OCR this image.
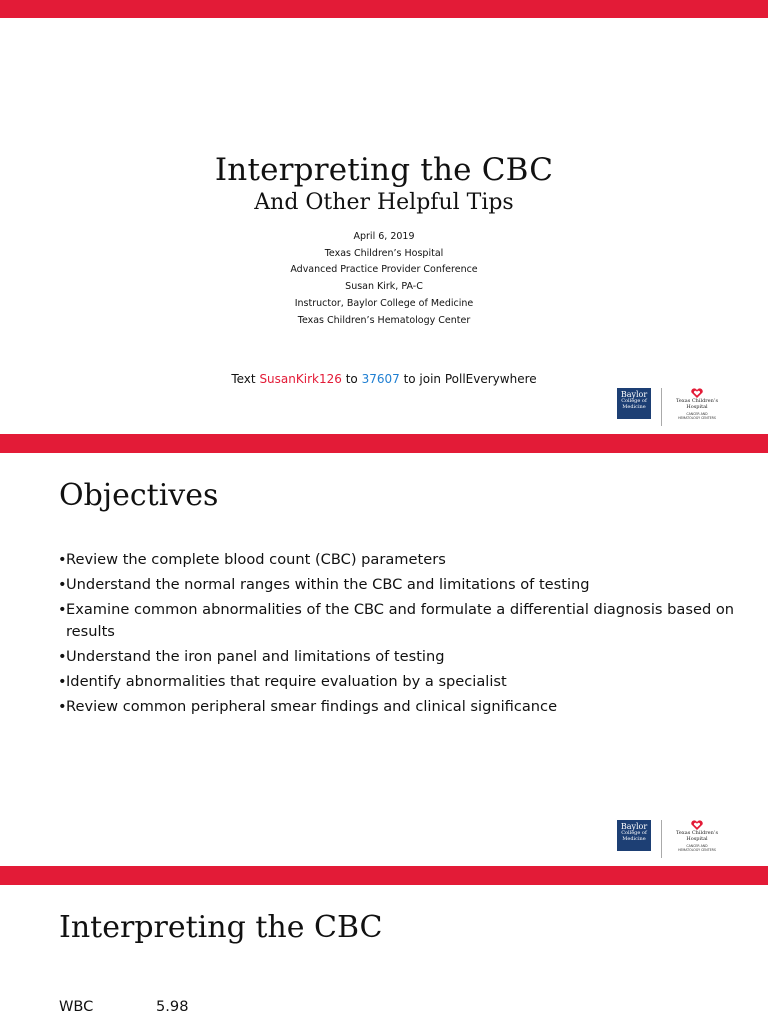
Interpreting the CBC
And Other Helpful Tips
April 6, 2019
Texas Children’s Hospital
Advanced Practice Provider Conference
Susan Kirk, PA-C
Instructor, Baylor College of Medicine
Texas Children’s Hematology Center
Text SusanKirk126 to 37607 to join PollEverywhere
Baylor
College of
Medicine
Texas Children’s
Hospital
CANCER AND
HEMATOLOGY CENTERS
Objectives
• Review the complete blood count (CBC) parameters
• Understand the normal ranges within the CBC and limitations of testing
• Examine common abnormalities of the CBC and formulate a differential diagnosis based on results
• Understand the iron panel and limitations of testing
• Identify abnormalities that require evaluation by a specialist
• Review common peripheral smear findings and clinical significance
Baylor
College of
Medicine
Texas Children’s
Hospital
CANCER AND
HEMATOLOGY CENTERS
Interpreting the CBC
WBC	5.98
